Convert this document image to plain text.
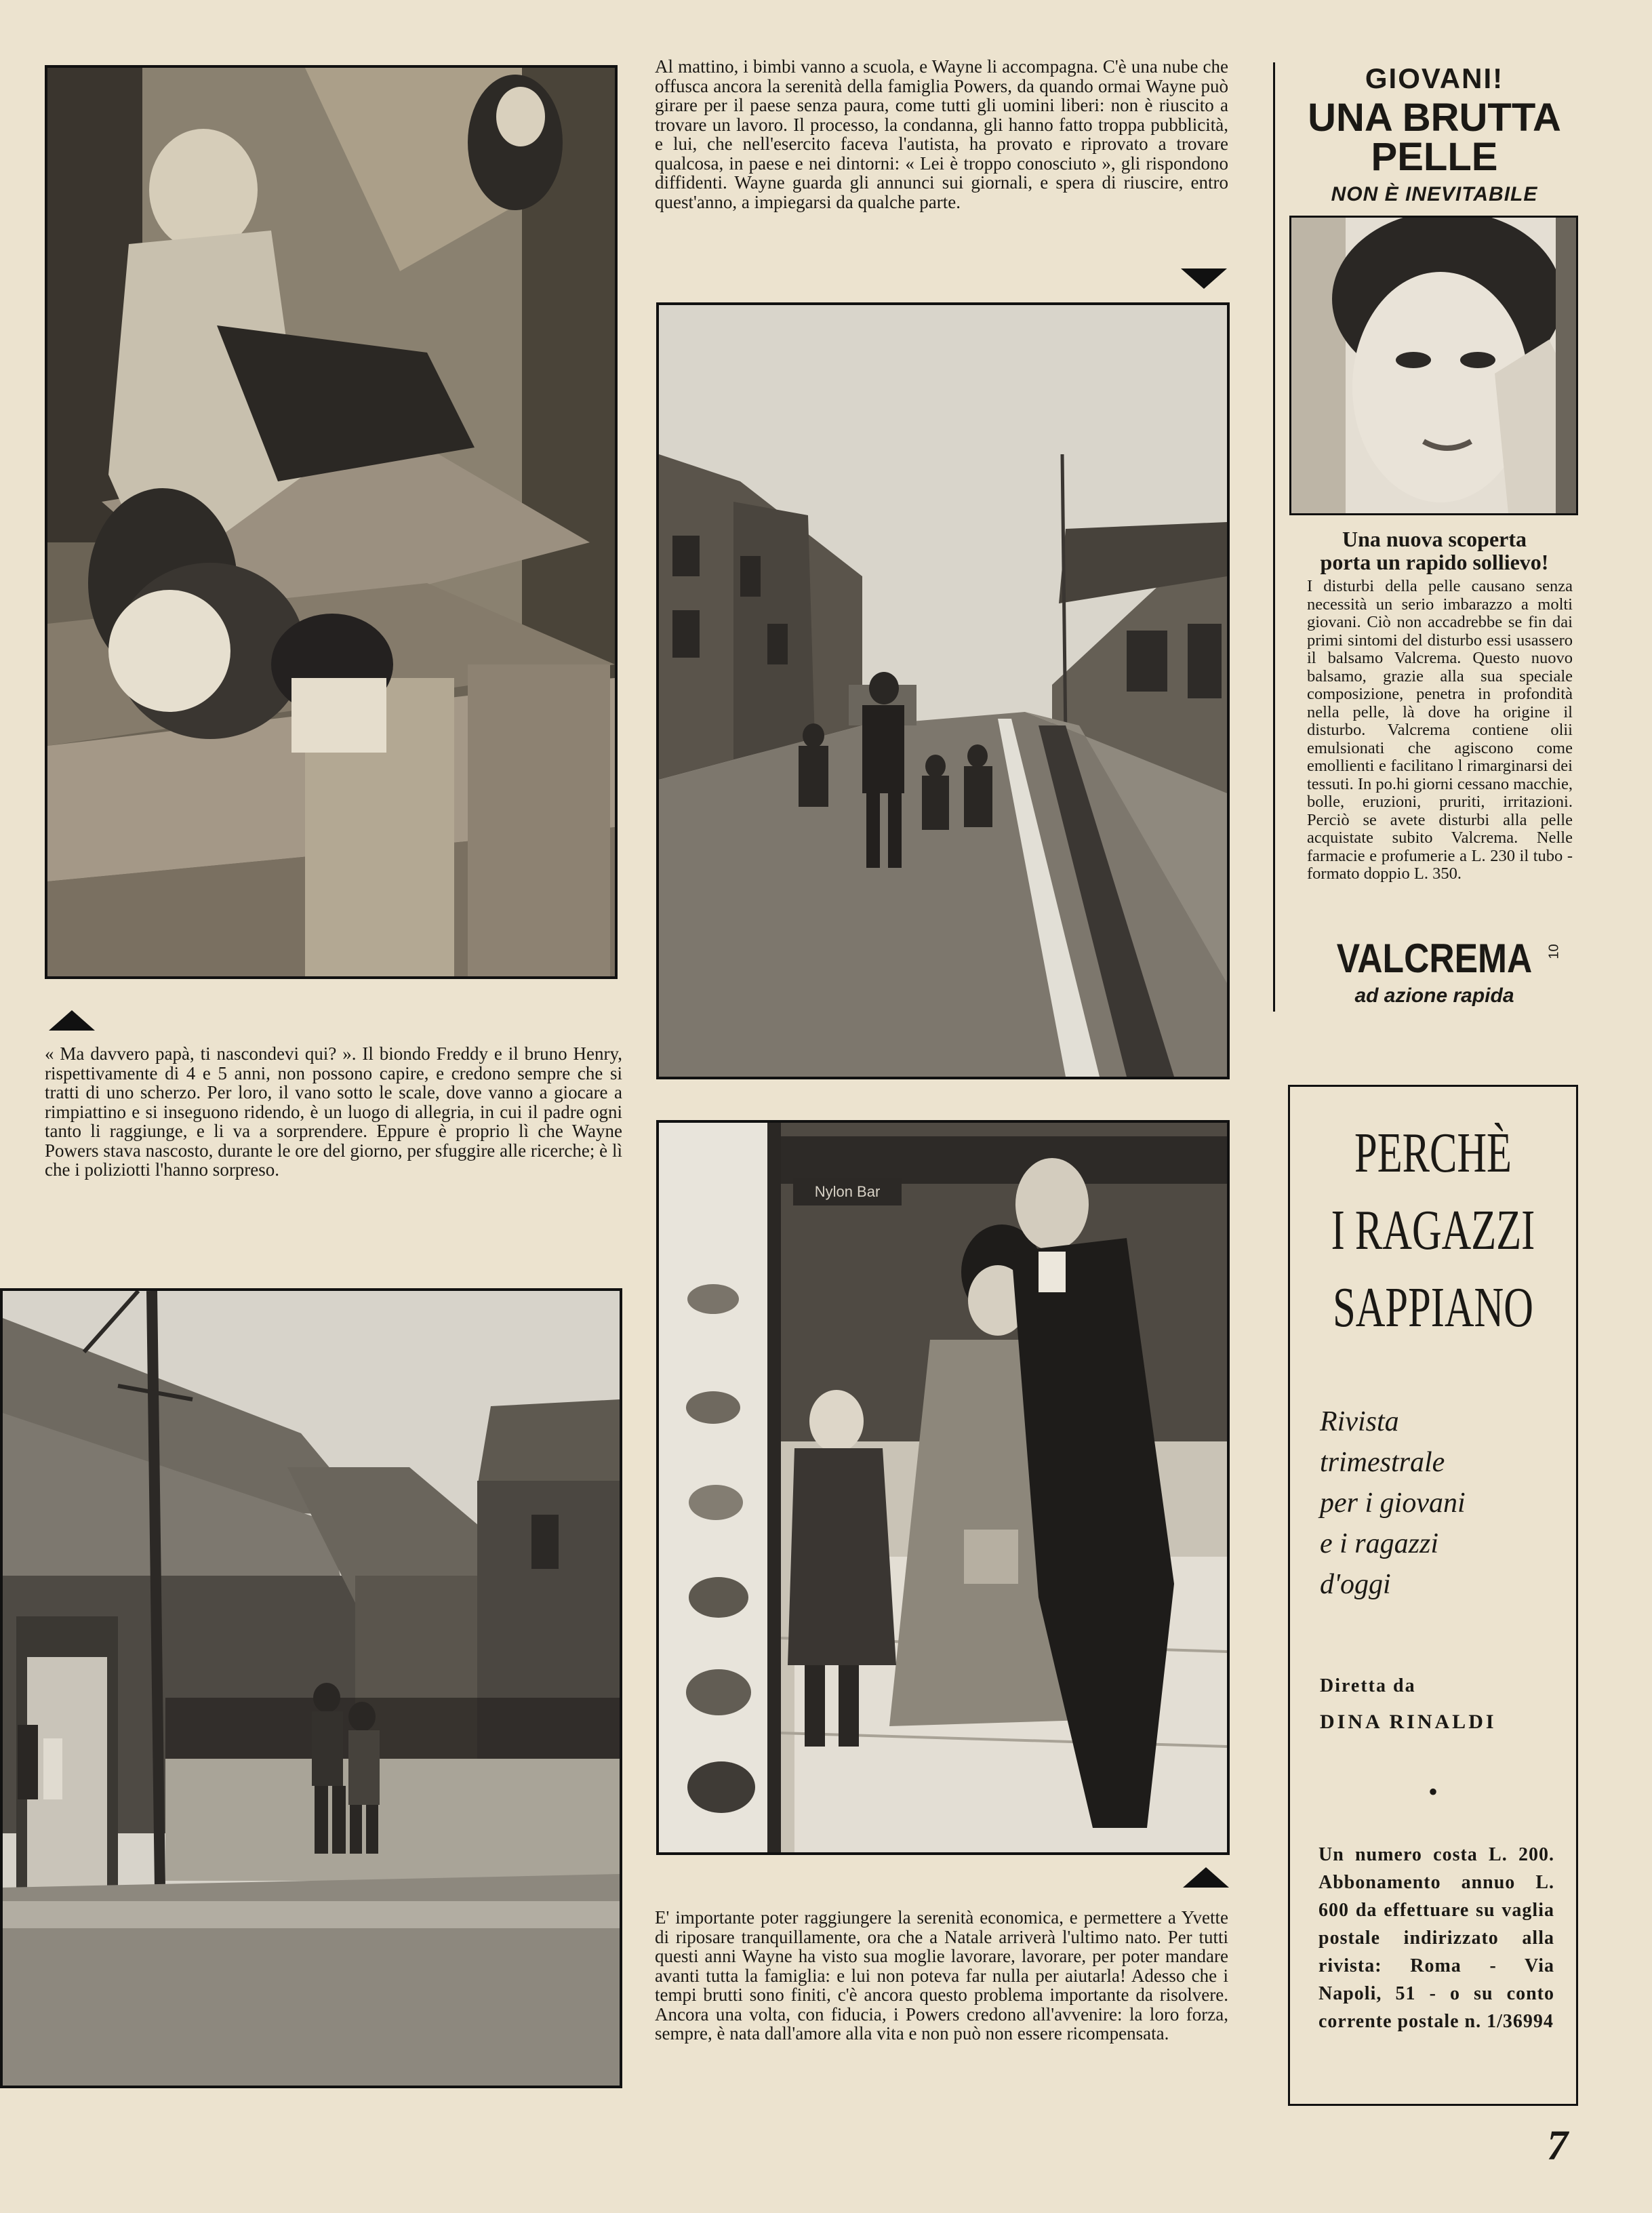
« Ma davvero papà, ti nascondevi qui? ». Il biondo Freddy e il bruno Henry, rispettivamente di 4 e 5 anni, non possono capire, e credono sempre che si tratti di uno scherzo. Per loro, il vano sotto le scale, dove vanno a giocare a rimpiattino e si inseguono ridendo, è un luogo di allegria, in cui il padre ogni tanto li raggiunge, e li va a sorprendere. Eppure è proprio lì che Wayne Powers stava nascosto, durante le ore del giorno, per sfuggire alle ricerche; è lì che i poliziotti l'hanno sorpreso.

Al mattino, i bimbi vanno a scuola, e Wayne li accompagna. C'è una nube che offusca ancora la serenità della famiglia Powers, da quando ormai Wayne può girare per il paese senza paura, come tutti gli uomini liberi: non è riuscito a trovare un lavoro. Il processo, la condanna, gli hanno fatto troppa pubblicità, e lui, che nell'esercito faceva l'autista, ha provato e riprovato a trovare qualcosa, in paese e nei dintorni: « Lei è troppo conosciuto », gli rispondono diffidenti. Wayne guarda gli annunci sui giornali, e spera di riuscire, entro quest'anno, a impiegarsi da qualche parte.

Nylon Bar

E' importante poter raggiungere la serenità economica, e permettere a Yvette di riposare tranquillamente, ora che a Natale arriverà l'ultimo nato. Per tutti questi anni Wayne ha visto sua moglie lavorare, lavorare, per poter mandare avanti tutta la famiglia: e lui non poteva far nulla per aiutarla! Adesso che i tempi brutti sono finiti, c'è ancora questo problema importante da risolvere. Ancora una volta, con fiducia, i Powers credono all'avvenire: la loro forza, sempre, è nata dall'amore alla vita e non può non essere ricompensata.

GIOVANI!
UNA BRUTTA
PELLE
NON È INEVITABILE
Una nuova scoperta
porta un rapido sollievo!

I disturbi della pelle causano senza necessità un serio imbarazzo a molti giovani. Ciò non accadrebbe se fin dai primi sintomi del disturbo essi usassero il balsamo Valcrema. Questo nuovo balsamo, grazie alla sua speciale composizione, penetra in profondità nella pelle, là dove ha origine il disturbo. Valcrema contiene olii emulsionati che agiscono come emollienti e facilitano l rimarginarsi dei tessuti. In po.hi giorni cessano macchie, bolle, eruzioni, pruriti, irritazioni. Perciò se avete disturbi alla pelle acquistate subito Valcrema. Nelle farmacie e profumerie a L. 230 il tubo - formato doppio L. 350.

VALCREMA
ad azione rapida
10
PERCHÈ
I RAGAZZI
SAPPIANO
Rivista
trimestrale
per i giovani
e i ragazzi
d'oggi
Diretta da
DINA RINALDI
•

Un numero costa L. 200. Abbonamento annuo L. 600 da effettuare su vaglia postale indirizzato alla rivista: Roma - Via Napoli, 51 - o su conto corrente postale n. 1/36994

7
